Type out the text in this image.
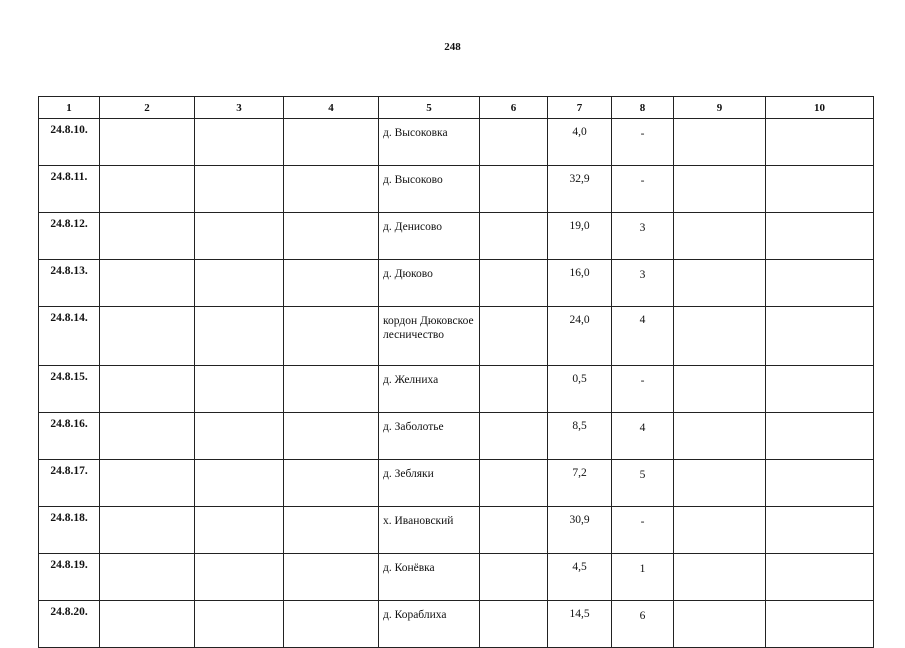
248
1	2	3	4	5	6	7	8	9	10
24.8.10.				д. Высоковка		4,0	-		
24.8.11.				д. Высоково		32,9	-		
24.8.12.				д. Денисово		19,0	3		
24.8.13.				д. Дюково		16,0	3		
24.8.14.				кордон Дюковское лесничество		24,0	4		
24.8.15.				д. Желниха		0,5	-		
24.8.16.				д. Заболотье		8,5	4		
24.8.17.				д. Зебляки		7,2	5		
24.8.18.				х. Ивановский		30,9	-		
24.8.19.				д. Конёвка		4,5	1		
24.8.20.				д. Кораблиха		14,5	6		
